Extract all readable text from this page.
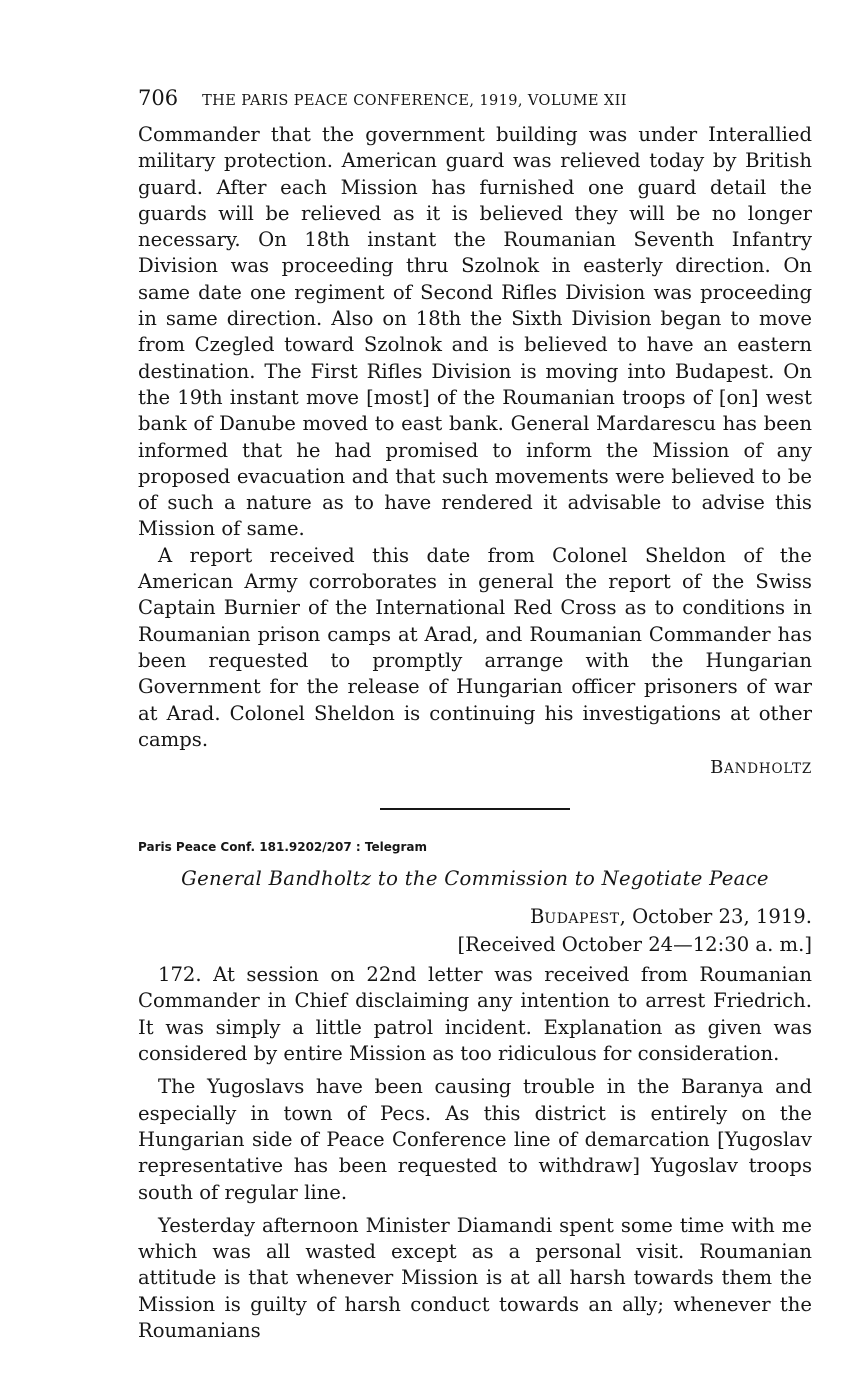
706 THE PARIS PEACE CONFERENCE, 1919, VOLUME XII

Commander that the government building was under Interallied military protection. American guard was relieved today by British guard. After each Mission has furnished one guard detail the guards will be relieved as it is believed they will be no longer necessary. On 18th instant the Roumanian Seventh Infantry Division was proceeding thru Szolnok in easterly direction. On same date one regiment of Second Rifles Division was proceeding in same direction. Also on 18th the Sixth Division began to move from Czegled toward Szolnok and is believed to have an eastern destination. The First Rifles Division is moving into Budapest. On the 19th instant move [most] of the Roumanian troops of [on] west bank of Danube moved to east bank. General Mardarescu has been informed that he had promised to inform the Mission of any proposed evacuation and that such movements were believed to be of such a nature as to have rendered it advisable to advise this Mission of same.

A report received this date from Colonel Sheldon of the American Army corroborates in general the report of the Swiss Captain Burnier of the International Red Cross as to conditions in Roumanian prison camps at Arad, and Roumanian Commander has been requested to promptly arrange with the Hungarian Government for the release of Hungarian officer prisoners of war at Arad. Colonel Sheldon is continuing his investigations at other camps.

BANDHOLTZ
Paris Peace Conf. 181.9202/207 : Telegram
General Bandholtz to the Commission to Negotiate Peace
BUDAPEST, October 23, 1919.
[Received October 24—12:30 a. m.]

172. At session on 22nd letter was received from Roumanian Commander in Chief disclaiming any intention to arrest Friedrich. It was simply a little patrol incident. Explanation as given was considered by entire Mission as too ridiculous for consideration.

The Yugoslavs have been causing trouble in the Baranya and especially in town of Pecs. As this district is entirely on the Hungarian side of Peace Conference line of demarcation [Yugoslav representative has been requested to withdraw] Yugoslav troops south of regular line.

Yesterday afternoon Minister Diamandi spent some time with me which was all wasted except as a personal visit. Roumanian attitude is that whenever Mission is at all harsh towards them the Mission is guilty of harsh conduct towards an ally; whenever the Roumanians
